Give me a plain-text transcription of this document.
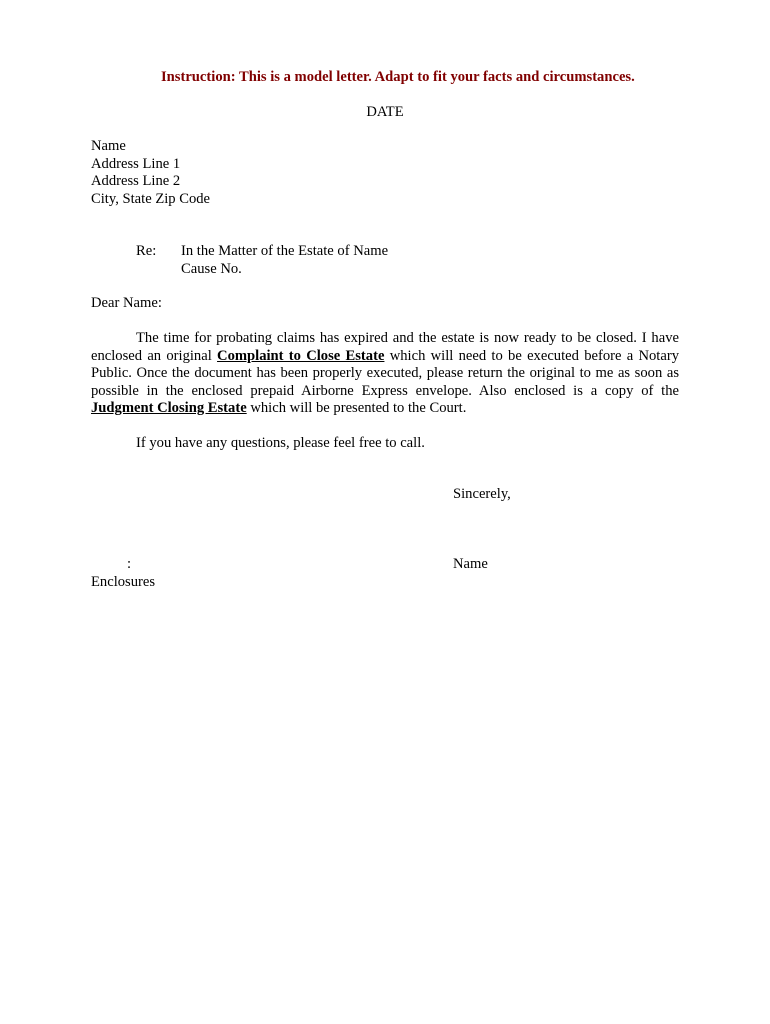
Instruction: This is a model letter. Adapt to fit your facts and circumstances.
DATE
Name
Address Line 1
Address Line 2
City, State Zip Code
Re: In the Matter of the Estate of Name
Cause No.
Dear Name:
The time for probating claims has expired and the estate is now ready to be closed. I have
enclosed an original Complaint to Close Estate which will need to be executed before a Notary
Public. Once the document has been properly executed, please return the original to me as soon as
possible in the enclosed prepaid Airborne Express envelope. Also enclosed is a copy of the
Judgment Closing Estate which will be presented to the Court.
If you have any questions, please feel free to call.
Sincerely,
:	Name
Enclosures
